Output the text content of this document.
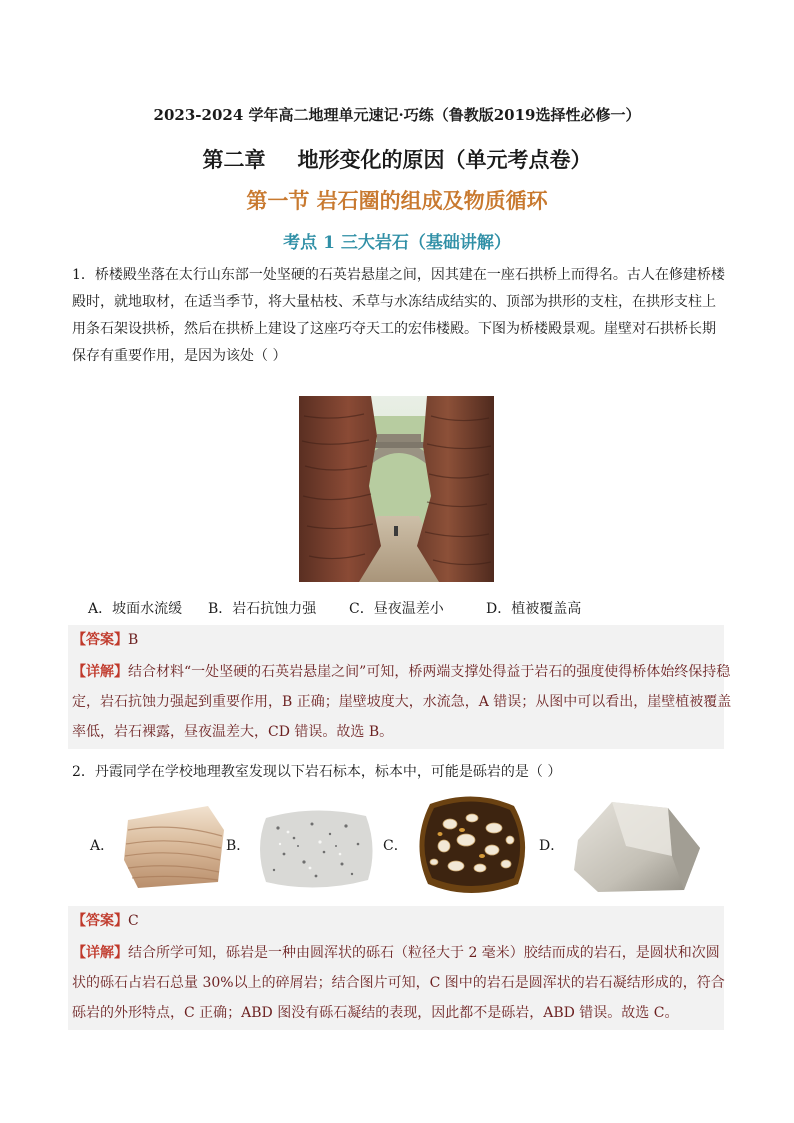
2023-2024 学年高二地理单元速记·巧练（鲁教版2019选择性必修一）
第二章 地形变化的原因（单元考点卷）
第一节 岩石圈的组成及物质循环
考点 1 三大岩石（基础讲解）
1．桥楼殿坐落在太行山东部一处坚硬的石英岩悬崖之间，因其建在一座石拱桥上而得名。古人在修建桥楼
殿时，就地取材，在适当季节，将大量枯枝、禾草与水冻结成结实的、顶部为拱形的支柱，在拱形支柱上
用条石架设拱桥，然后在拱桥上建设了这座巧夺天工的宏伟楼殿。下图为桥楼殿景观。崖壁对石拱桥长期
保存有重要作用，是因为该处（ ）
A．坡面水流缓 B．岩石抗蚀力强 C．昼夜温差小	D．植被覆盖高
【答案】B
【详解】结合材料“一处坚硬的石英岩悬崖之间”可知，桥两端支撑处得益于岩石的强度使得桥体始终保持稳
定，岩石抗蚀力强起到重要作用，B 正确；崖壁坡度大，水流急，A 错误；从图中可以看出，崖壁植被覆盖
率低，岩石裸露，昼夜温差大，CD 错误。故选 B。
2．丹霞同学在学校地理教室发现以下岩石标本，标本中，可能是砾岩的是（ ）
A．	B．	C．	D．
【答案】C
【详解】结合所学可知，砾岩是一种由圆浑状的砾石（粒径大于 2 毫米）胶结而成的岩石，是圆状和次圆
状的砾石占岩石总量 30%以上的碎屑岩；结合图片可知，C 图中的岩石是圆浑状的岩石凝结形成的，符合
砾岩的外形特点，C 正确；ABD 图没有砾石凝结的表现，因此都不是砾岩，ABD 错误。故选 C。
